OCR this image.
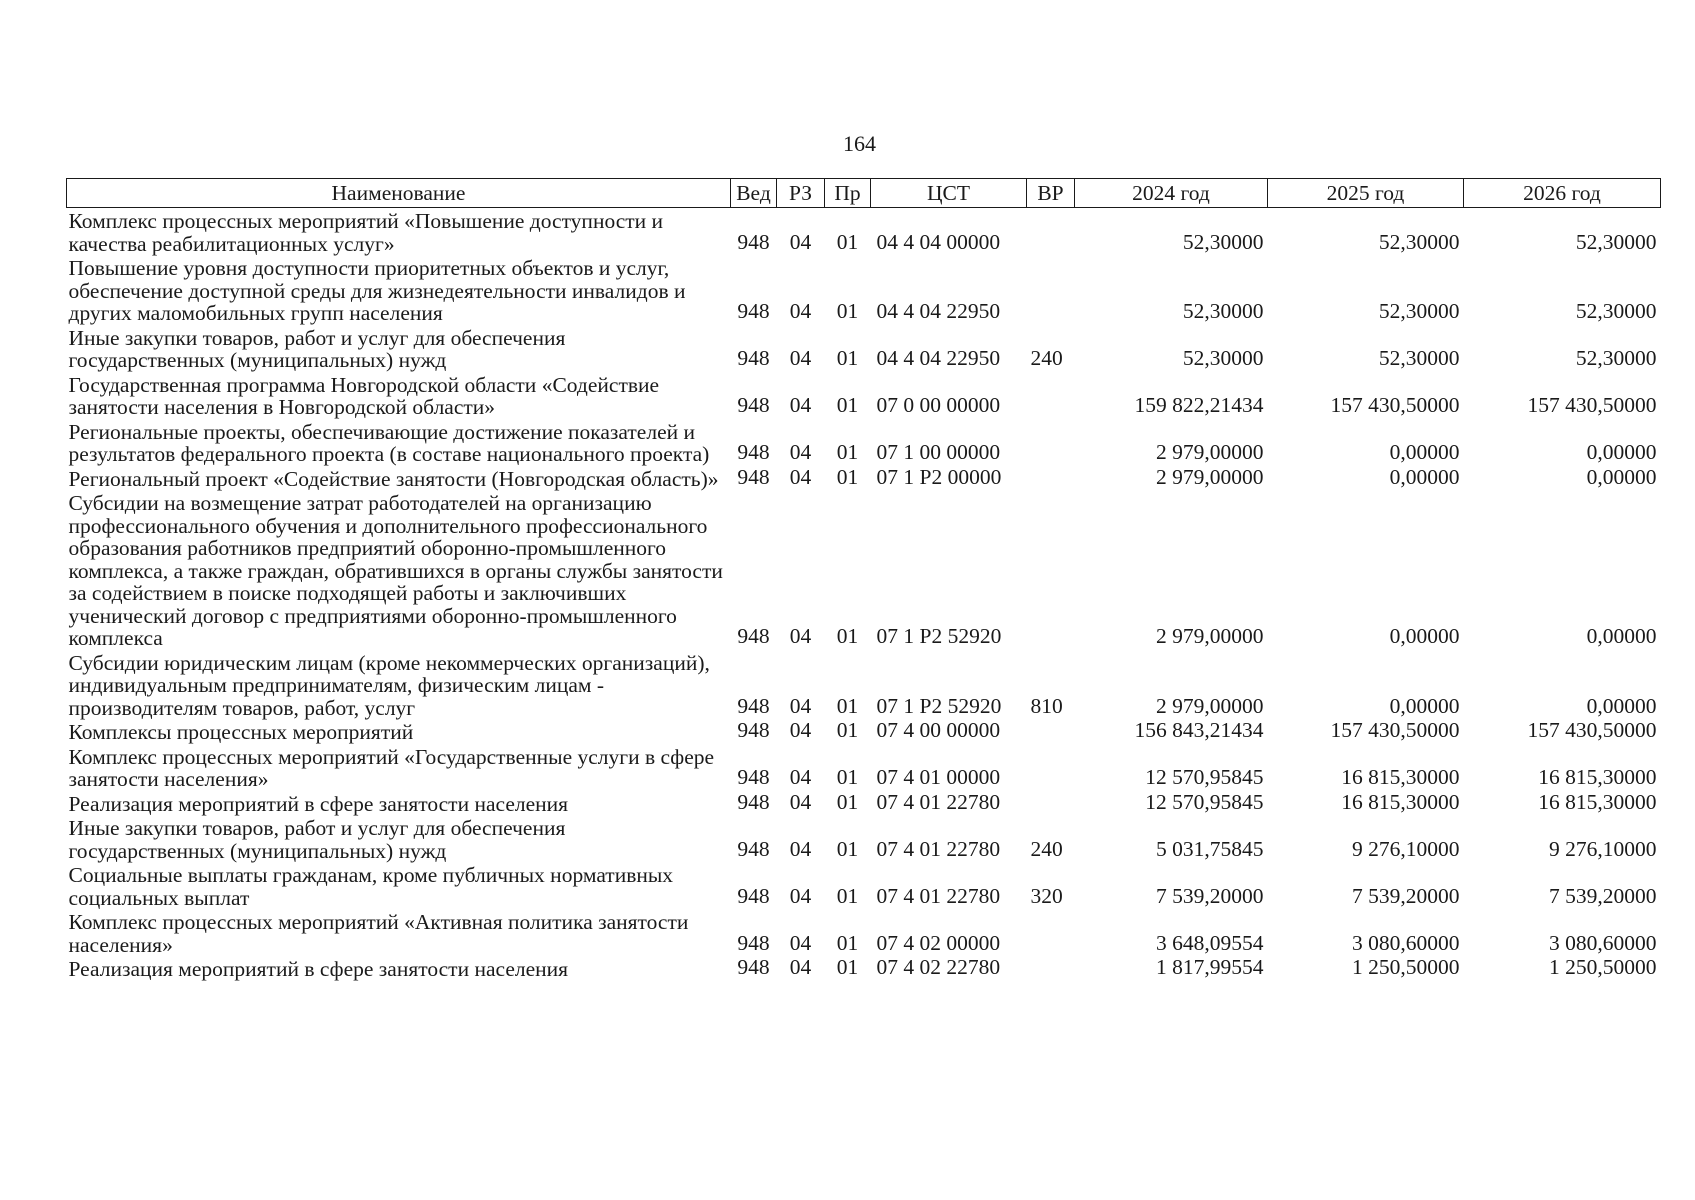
164
Наименование	Вед	РЗ	Пр	ЦСТ	ВР	2024 год	2025 год	2026 год
Комплекс процессных мероприятий «Повышение доступности и качества реабилитационных услуг»	948	04	01	04 4 04 00000		52,30000	52,30000	52,30000
Повышение уровня доступности приоритетных объектов и услуг, обеспечение доступной среды для жизнедеятельности инвалидов и других маломобильных групп населения	948	04	01	04 4 04 22950		52,30000	52,30000	52,30000
Иные закупки товаров, работ и услуг для обеспечения государственных (муниципальных) нужд	948	04	01	04 4 04 22950	240	52,30000	52,30000	52,30000
Государственная программа Новгородской области «Содействие занятости населения в Новгородской области»	948	04	01	07 0 00 00000		159 822,21434	157 430,50000	157 430,50000
Региональные проекты, обеспечивающие достижение показателей и результатов федерального проекта (в составе национального проекта)	948	04	01	07 1 00 00000		2 979,00000	0,00000	0,00000
Региональный проект «Содействие занятости (Новгородская область)»	948	04	01	07 1 Р2 00000		2 979,00000	0,00000	0,00000
Субсидии на возмещение затрат работодателей на организацию профессионального обучения и дополнительного профессионального образования работников предприятий оборонно-промышленного комплекса, а также граждан, обратившихся в органы службы занятости за содействием в поиске подходящей работы и заключивших ученический договор с предприятиями оборонно-промышленного комплекса	948	04	01	07 1 Р2 52920		2 979,00000	0,00000	0,00000
Субсидии юридическим лицам (кроме некоммерческих организаций), индивидуальным предпринимателям, физическим лицам - производителям товаров, работ, услуг	948	04	01	07 1 Р2 52920	810	2 979,00000	0,00000	0,00000
Комплексы процессных мероприятий	948	04	01	07 4 00 00000		156 843,21434	157 430,50000	157 430,50000
Комплекс процессных мероприятий «Государственные услуги в сфере занятости населения»	948	04	01	07 4 01 00000		12 570,95845	16 815,30000	16 815,30000
Реализация мероприятий в сфере занятости населения	948	04	01	07 4 01 22780		12 570,95845	16 815,30000	16 815,30000
Иные закупки товаров, работ и услуг для обеспечения государственных (муниципальных) нужд	948	04	01	07 4 01 22780	240	5 031,75845	9 276,10000	9 276,10000
Социальные выплаты гражданам, кроме публичных нормативных социальных выплат	948	04	01	07 4 01 22780	320	7 539,20000	7 539,20000	7 539,20000
Комплекс процессных мероприятий «Активная политика занятости населения»	948	04	01	07 4 02 00000		3 648,09554	3 080,60000	3 080,60000
Реализация мероприятий в сфере занятости населения	948	04	01	07 4 02 22780		1 817,99554	1 250,50000	1 250,50000
